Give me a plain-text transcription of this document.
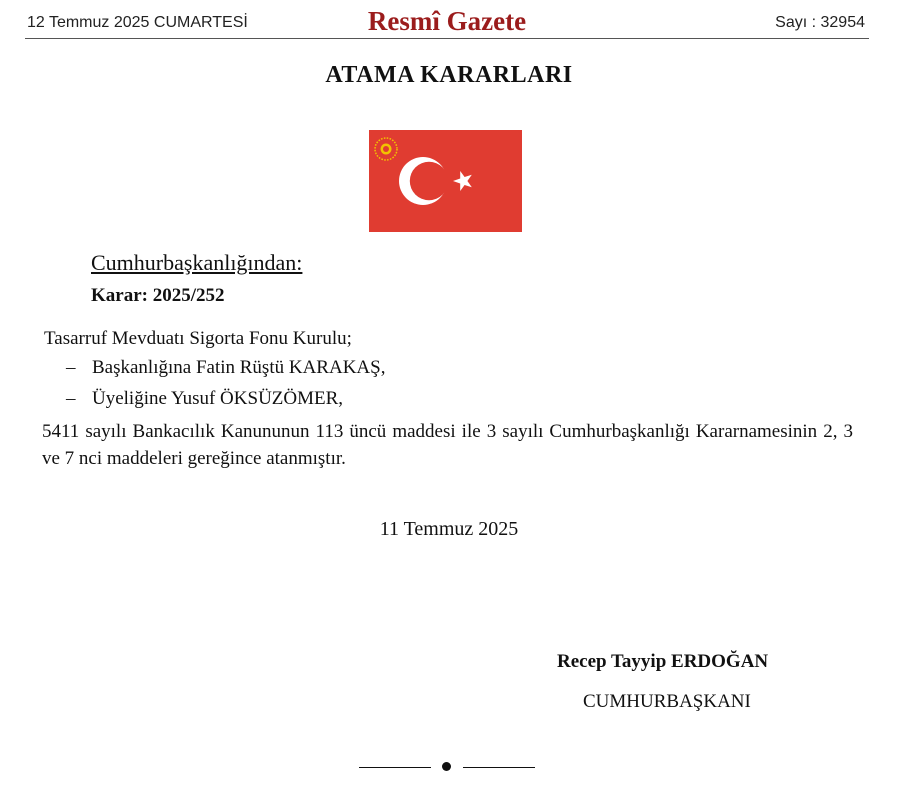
12 Temmuz 2025 CUMARTESİ	Resmî Gazete	Sayı : 32954
ATAMA KARARLARI
Cumhurbaşkanlığından:
Karar: 2025/252
Tasarruf Mevduatı Sigorta Fonu Kurulu;
– Başkanlığına Fatin Rüştü KARAKAŞ,
– Üyeliğine Yusuf ÖKSÜZÖMER,
5411 sayılı Bankacılık Kanununun 113 üncü maddesi ile 3 sayılı Cumhurbaşkanlığı Kararnamesinin 2, 3 ve 7 nci maddeleri gereğince atanmıştır.
11 Temmuz 2025
Recep Tayyip ERDOĞAN
CUMHURBAŞKANI
